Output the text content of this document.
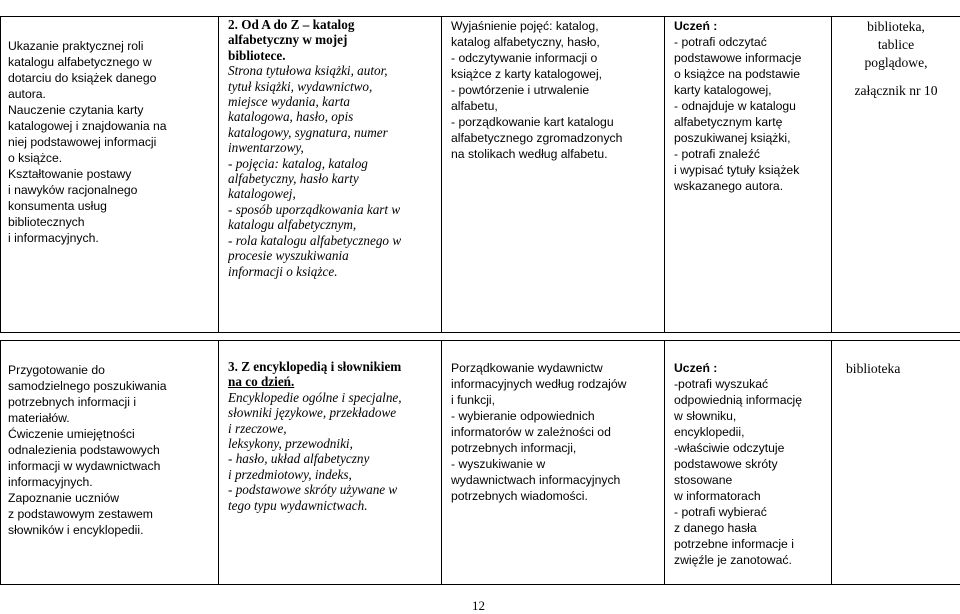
Ukazanie praktycznej roli
katalogu alfabetycznego w
dotarciu do książek danego
autora.
Nauczenie czytania karty
katalogowej i znajdowania na
niej podstawowej informacji
o książce.
Kształtowanie postawy
i nawyków racjonalnego
konsumenta usług
bibliotecznych
i informacyjnych.
2. Od A do Z – katalog
alfabetyczny w mojej
bibliotece.
Strona tytułowa książki, autor,
tytuł książki, wydawnictwo,
miejsce wydania, karta
katalogowa, hasło, opis
katalogowy, sygnatura, numer
inwentarzowy,
- pojęcia: katalog, katalog
alfabetyczny, hasło karty
katalogowej,
- sposób uporządkowania kart w
katalogu alfabetycznym,
- rola katalogu alfabetycznego w
procesie wyszukiwania
informacji o książce.
Wyjaśnienie pojęć: katalog,
katalog alfabetyczny, hasło,
- odczytywanie informacji o
książce z karty katalogowej,
- powtórzenie i utrwalenie
alfabetu,
- porządkowanie kart katalogu
alfabetycznego zgromadzonych
na stolikach według alfabetu.
Uczeń :
- potrafi odczytać
podstawowe informacje
o książce na podstawie
karty katalogowej,
- odnajduje w katalogu
alfabetycznym kartę
poszukiwanej książki,
- potrafi znaleźć
i wypisać tytuły książek
wskazanego autora.
biblioteka,
tablice
poglądowe,
załącznik nr 10
Przygotowanie do
samodzielnego poszukiwania
potrzebnych informacji i
materiałów.
Ćwiczenie umiejętności
odnalezienia podstawowych
informacji w wydawnictwach
informacyjnych.
Zapoznanie uczniów
z podstawowym zestawem
słowników i encyklopedii.
3. Z encyklopedią i słownikiem
na co dzień.
Encyklopedie ogólne i specjalne,
słowniki językowe, przekładowe
i rzeczowe,
leksykony, przewodniki,
- hasło, układ alfabetyczny
i przedmiotowy, indeks,
- podstawowe skróty używane w
tego typu wydawnictwach.
Porządkowanie wydawnictw
informacyjnych według rodzajów
i funkcji,
- wybieranie odpowiednich
informatorów w zależności od
potrzebnych informacji,
- wyszukiwanie w
wydawnictwach informacyjnych
potrzebnych wiadomości.
Uczeń :
-potrafi wyszukać
odpowiednią informację
w słowniku,
encyklopedii,
-właściwie odczytuje
podstawowe skróty
stosowane
w informatorach
- potrafi wybierać
z danego hasła
potrzebne informacje i
zwięźle je zanotować.
biblioteka
12
